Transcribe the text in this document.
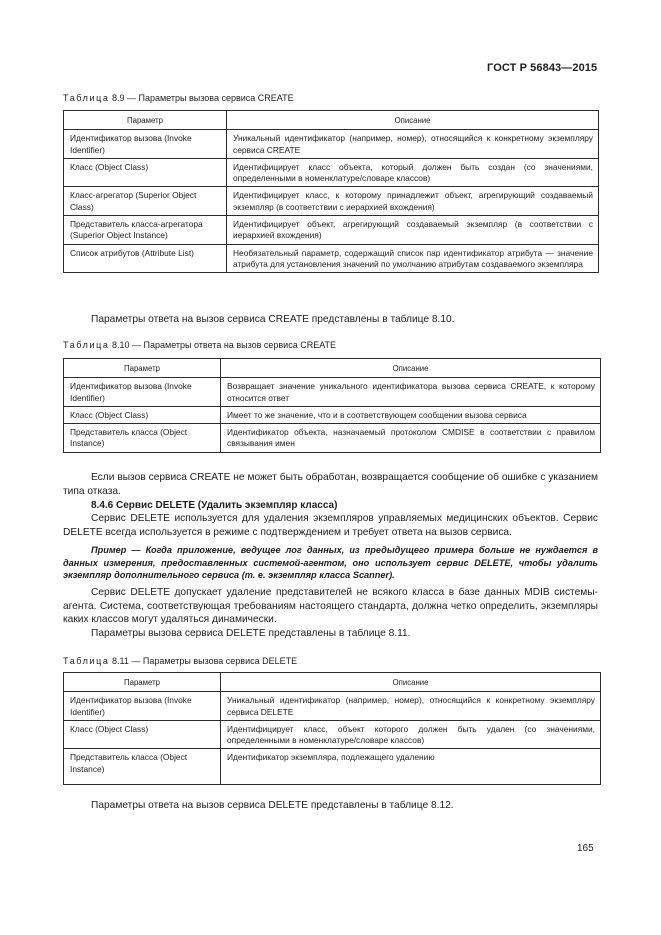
ГОСТ Р 56843—2015
Таблица 8.9 — Параметры вызова сервиса CREATE
Параметр	Описание
Идентификатор вызова (Invoke Identifier)	Уникальный идентификатор (например, номер), относящийся к конкретному экземпляру сервиса CREATE
Класс (Object Class)	Идентифицирует класс объекта, который должен быть создан (со значениями, определенными в номенклатуре/словаре классов)
Класс-агрегатор (Superior Object Class)	Идентифицирует класс, к которому принадлежит объект, агрегирующий создаваемый экземпляр (в соответствии с иерархией вхождения)
Представитель класса-агрегатора (Superior Object Instance)	Идентифицирует объект, агрегирующий создаваемый экземпляр (в соответствии с иерархией вхождения)
Список атрибутов (Attribute List)	Необязательный параметр, содержащий список пар идентификатор атрибута — значение атрибута для установления значений по умолчанию атрибутам создаваемого экземпляра
Параметры ответа на вызов сервиса CREATE представлены в таблице 8.10.
Таблица 8.10 — Параметры ответа на вызов сервиса CREATE
Параметр	Описание
Идентификатор вызова (Invoke Identifier)	Возвращает значение уникального идентификатора вызова сервиса CREATE, к которому относится ответ
Класс (Object Class)	Имеет то же значение, что и в соответствующем сообщении вызова сервиса
Представитель класса (Object Instance)	Идентификатор объекта, назначаемый протоколом CMDISE в соответствии с правилом связывания имен
Если вызов сервиса CREATE не может быть обработан, возвращается сообщение об ошибке с указанием типа отказа.
8.4.6 Сервис DELETE (Удалить экземпляр класса)
Сервис DELETE используется для удаления экземпляров управляемых медицинских объектов. Сервис DELETE всегда используется в режиме с подтверждением и требует ответа на вызов сервиса.
Пример — Когда приложение, ведущее лог данных, из предыдущего примера больше не нуждается в данных измерения, предоставленных системой-агентом, оно использует сервис DELETE, чтобы удалить экземпляр дополнительного сервиса (т. е. экземпляр класса Scanner).
Сервис DELETE допускает удаление представителей не всякого класса в базе данных MDIB системы-агента. Система, соответствующая требованиям настоящего стандарта, должна четко определить, экземпляры каких классов могут удаляться динамически.
Параметры вызова сервиса DELETE представлены в таблице 8.11.
Таблица 8.11 — Параметры вызова сервиса DELETE
Параметр	Описание
Идентификатор вызова (Invoke Identifier)	Уникальный идентификатор (например, номер), относящийся к конкретному экземпляру сервиса DELETE
Класс (Object Class)	Идентифицирует класс, объект которого должен быть удален (со значениями, определенными в номенклатуре/словаре классов)
Представитель класса (Object Instance)	Идентификатор экземпляра, подлежащего удалению
Параметры ответа на вызов сервиса DELETE представлены в таблице 8.12.
165
